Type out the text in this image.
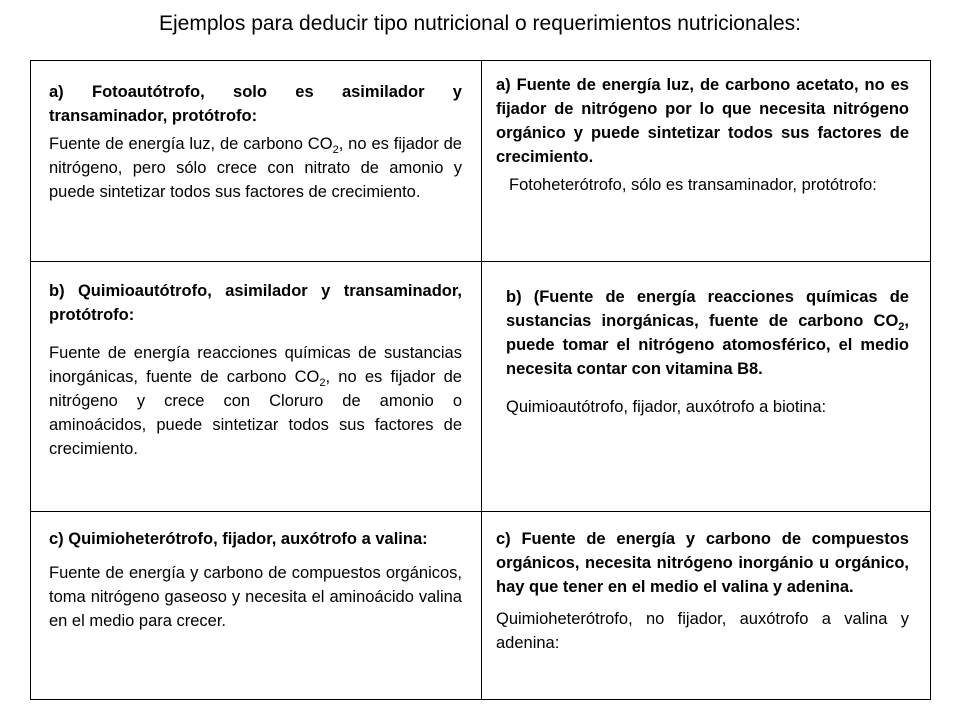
Ejemplos para deducir tipo nutricional o requerimientos nutricionales:

a) Fotoautótrofo, solo es asimilador y transaminador, protótrofo:

Fuente de energía luz, de carbono $CO_2$, no es fijador de nitrógeno, pero sólo crece con nitrato de amonio y puede sintetizar todos sus factores de crecimiento.

a) Fuente de energía luz, de carbono acetato, no es fijador de nitrógeno por lo que necesita nitrógeno orgánico y puede sintetizar todos sus factores de crecimiento.

Fotoheterótrofo, sólo es transaminador, protótrofo:

b) Quimioautótrofo, asimilador y transaminador, protótrofo:

Fuente de energía reacciones químicas de sustancias inorgánicas, fuente de carbono $CO_2$, no es fijador de nitrógeno y crece con Cloruro de amonio o aminoácidos, puede sintetizar todos sus factores de crecimiento.

b) (Fuente de energía reacciones químicas de sustancias inorgánicas, fuente de carbono $CO_2$, puede tomar el nitrógeno atomosférico, el medio necesita contar con vitamina B8.

Quimioautótrofo, fijador, auxótrofo a biotina:

c) Quimioheterótrofo, fijador, auxótrofo a valina:

Fuente de energía y carbono de compuestos orgánicos, toma nitrógeno gaseoso y necesita el aminoácido valina en el medio para crecer.

c) Fuente de energía y carbono de compuestos orgánicos, necesita nitrógeno inorgánio u orgánico, hay que tener en el medio el valina y adenina.

Quimioheterótrofo, no fijador, auxótrofo a valina y adenina:
